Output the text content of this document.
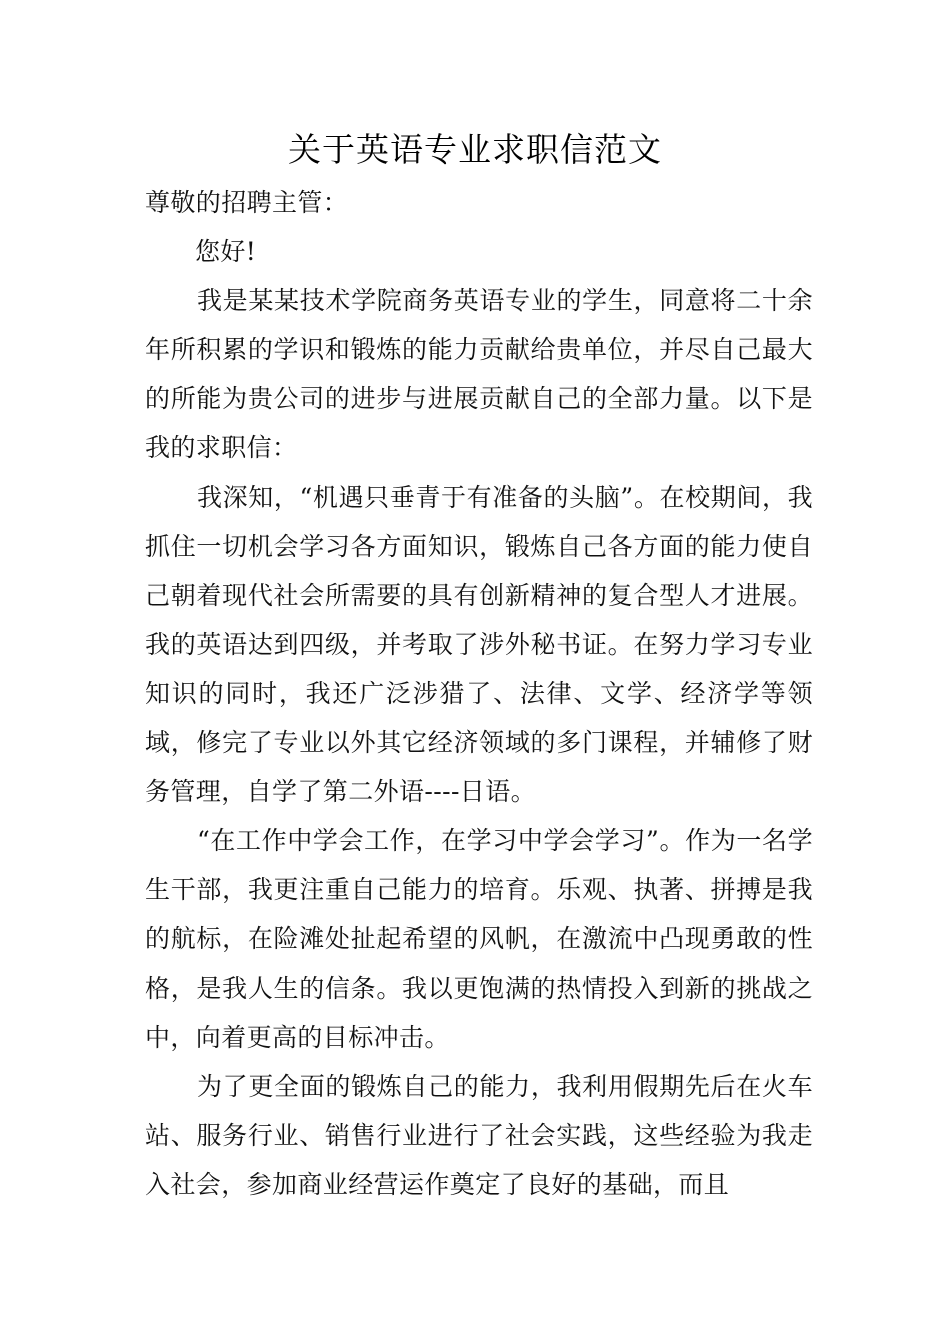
关于英语专业求职信范文

尊敬的招聘主管：

您好!

我是某某技术学院商务英语专业的学生，同意将二十余年所积累的学识和锻炼的能力贡献给贵单位，并尽自己最大的所能为贵公司的进步与进展贡献自己的全部力量。以下是我的求职信：

我深知，“机遇只垂青于有准备的头脑”。在校期间，我抓住一切机会学习各方面知识，锻炼自己各方面的能力使自己朝着现代社会所需要的具有创新精神的复合型人才进展。我的英语达到四级，并考取了涉外秘书证。在努力学习专业知识的同时，我还广泛涉猎了、法律、文学、经济学等领域，修完了专业以外其它经济领域的多门课程，并辅修了财务管理，自学了第二外语----日语。

“在工作中学会工作，在学习中学会学习”。作为一名学生干部，我更注重自己能力的培育。乐观、执著、拼搏是我的航标，在险滩处扯起希望的风帆，在激流中凸现勇敢的性格，是我人生的信条。我以更饱满的热情投入到新的挑战之中，向着更高的目标冲击。

为了更全面的锻炼自己的能力，我利用假期先后在火车站、服务行业、销售行业进行了社会实践，这些经验为我走入社会，参加商业经营运作奠定了良好的基础，而且
